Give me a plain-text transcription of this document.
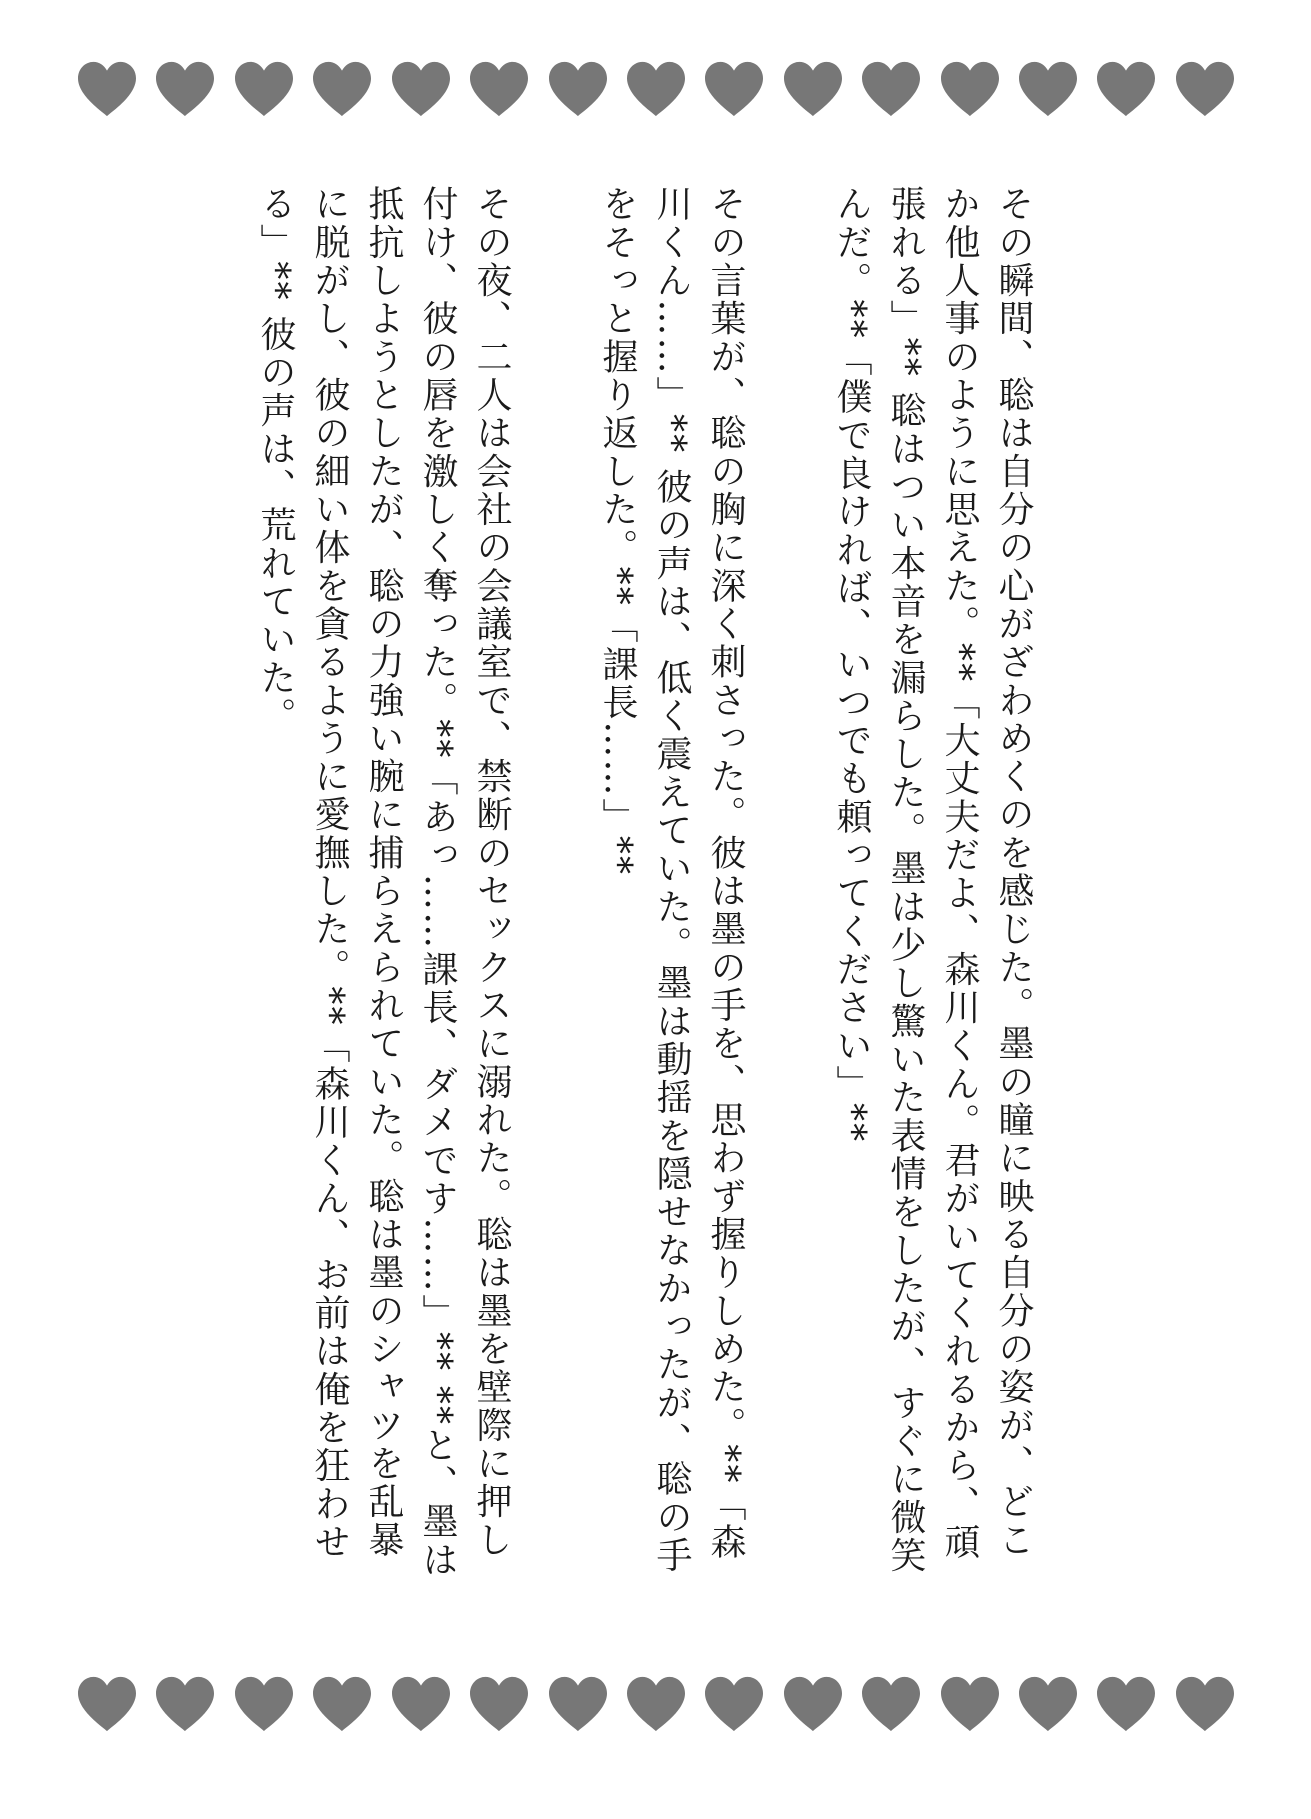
その瞬間、聡は自分の心がざわめくのを感じた。墨の瞳に映る自分の姿が、どこか他人事のように思えた。**「大丈夫だよ、森川くん。君がいてくれるから、頑張れる」** 聡はつい本音を漏らした。墨は少し驚いた表情をしたが、すぐに微笑んだ。**「僕で良ければ、いつでも頼ってください」**

その言葉が、聡の胸に深く刺さった。彼は墨の手を、思わず握りしめた。**「森川くん……」** 彼の声は、低く震えていた。墨は動揺を隠せなかったが、聡の手をそっと握り返した。**「課長……」**

その夜、二人は会社の会議室で、禁断のセックスに溺れた。聡は墨を壁際に押し付け、彼の唇を激しく奪った。**「あっ……課長、ダメです……」** **と、墨は抵抗しようとしたが、聡の力強い腕に捕らえられていた。聡は墨のシャツを乱暴に脱がし、彼の細い体を貪るように愛撫した。**「森川くん、お前は俺を狂わせる」** 彼の声は、荒れていた。
